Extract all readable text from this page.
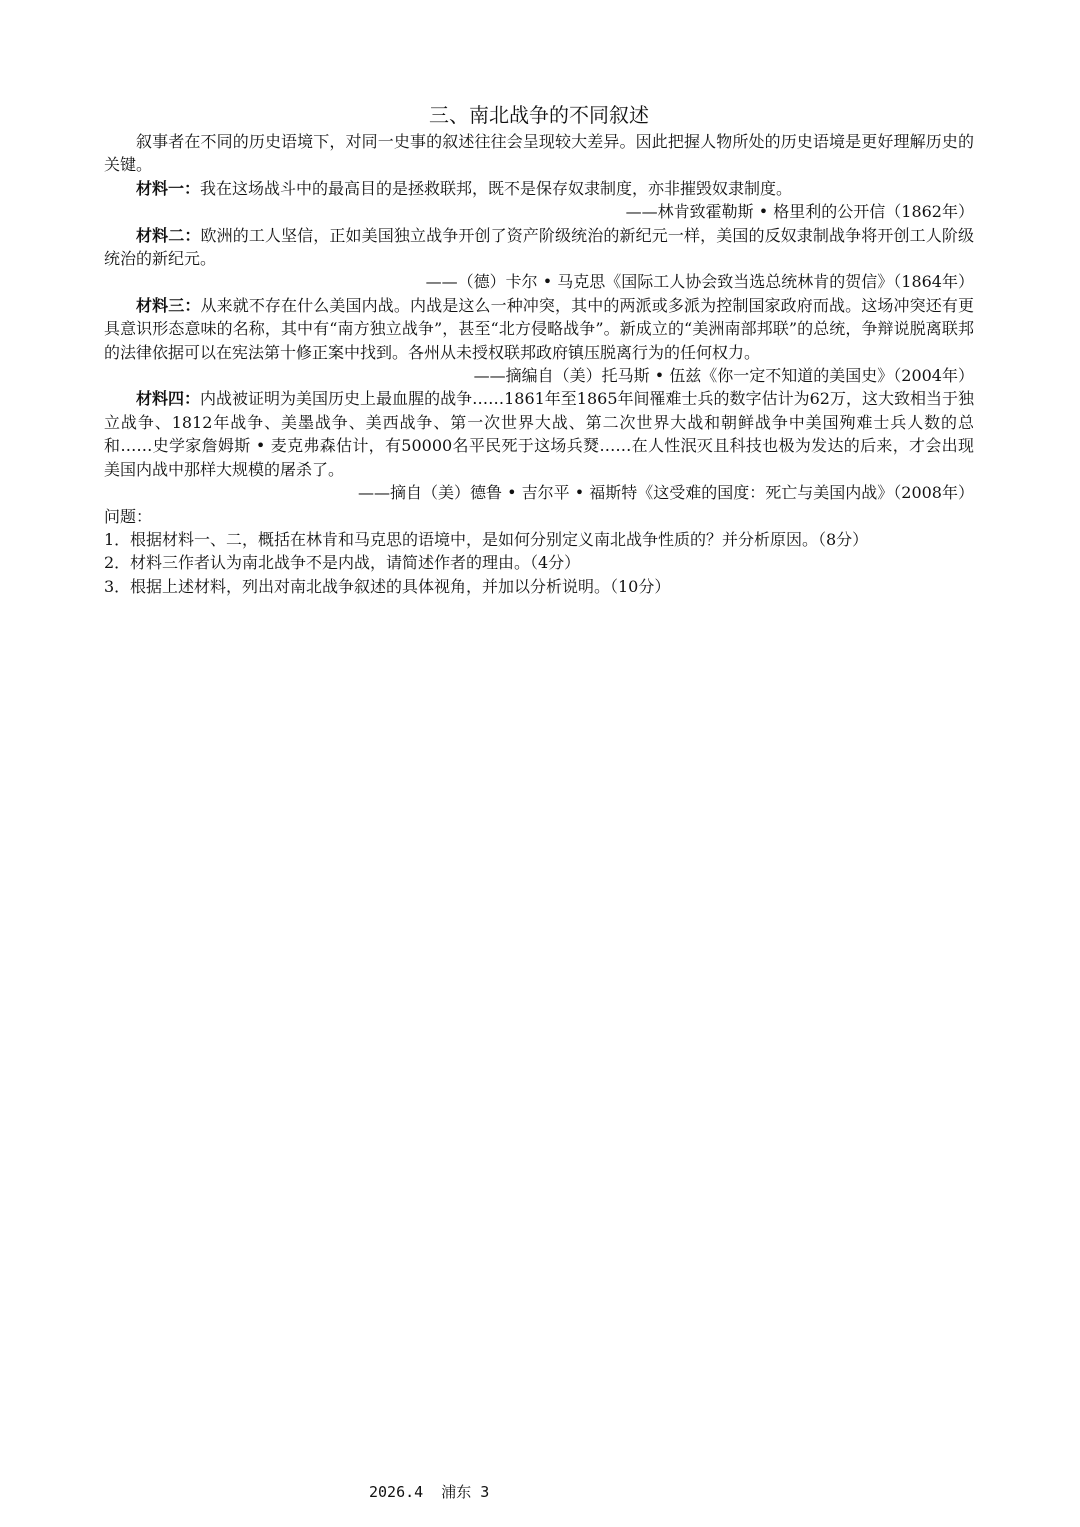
三、南北战争的不同叙述

叙事者在不同的历史语境下，对同一史事的叙述往往会呈现较大差异。因此把握人物所处的历史语境是更好理解历史的关键。

材料一：我在这场战斗中的最高目的是拯救联邦，既不是保存奴隶制度，亦非摧毁奴隶制度。

——林肯致霍勒斯 • 格里利的公开信（1862年）

材料二：欧洲的工人坚信，正如美国独立战争开创了资产阶级统治的新纪元一样，美国的反奴隶制战争将开创工人阶级统治的新纪元。

——（德）卡尔 • 马克思《国际工人协会致当选总统林肯的贺信》（1864年）

材料三：从来就不存在什么美国内战。内战是这么一种冲突，其中的两派或多派为控制国家政府而战。这场冲突还有更具意识形态意味的名称，其中有“南方独立战争”，甚至“北方侵略战争”。新成立的“美洲南部邦联”的总统，争辩说脱离联邦的法律依据可以在宪法第十修正案中找到。各州从未授权联邦政府镇压脱离行为的任何权力。

——摘编自（美）托马斯 • 伍兹《你一定不知道的美国史》（2004年）

材料四：内战被证明为美国历史上最血腥的战争……1861年至1865年间罹难士兵的数字估计为62万，这大致相当于独立战争、1812年战争、美墨战争、美西战争、第一次世界大战、第二次世界大战和朝鲜战争中美国殉难士兵人数的总和……史学家詹姆斯 • 麦克弗森估计，有50000名平民死于这场兵燹……在人性泯灭且科技也极为发达的后来，才会出现美国内战中那样大规模的屠杀了。

——摘自（美）德鲁 • 吉尔平 • 福斯特《这受难的国度：死亡与美国内战》（2008年）

问题：

1．根据材料一、二，概括在林肯和马克思的语境中，是如何分别定义南北战争性质的？并分析原因。（8分）
2．材料三作者认为南北战争不是内战，请简述作者的理由。（4分）
3．根据上述材料，列出对南北战争叙述的具体视角，并加以分析说明。（10分）
2026.4  浦东 3
